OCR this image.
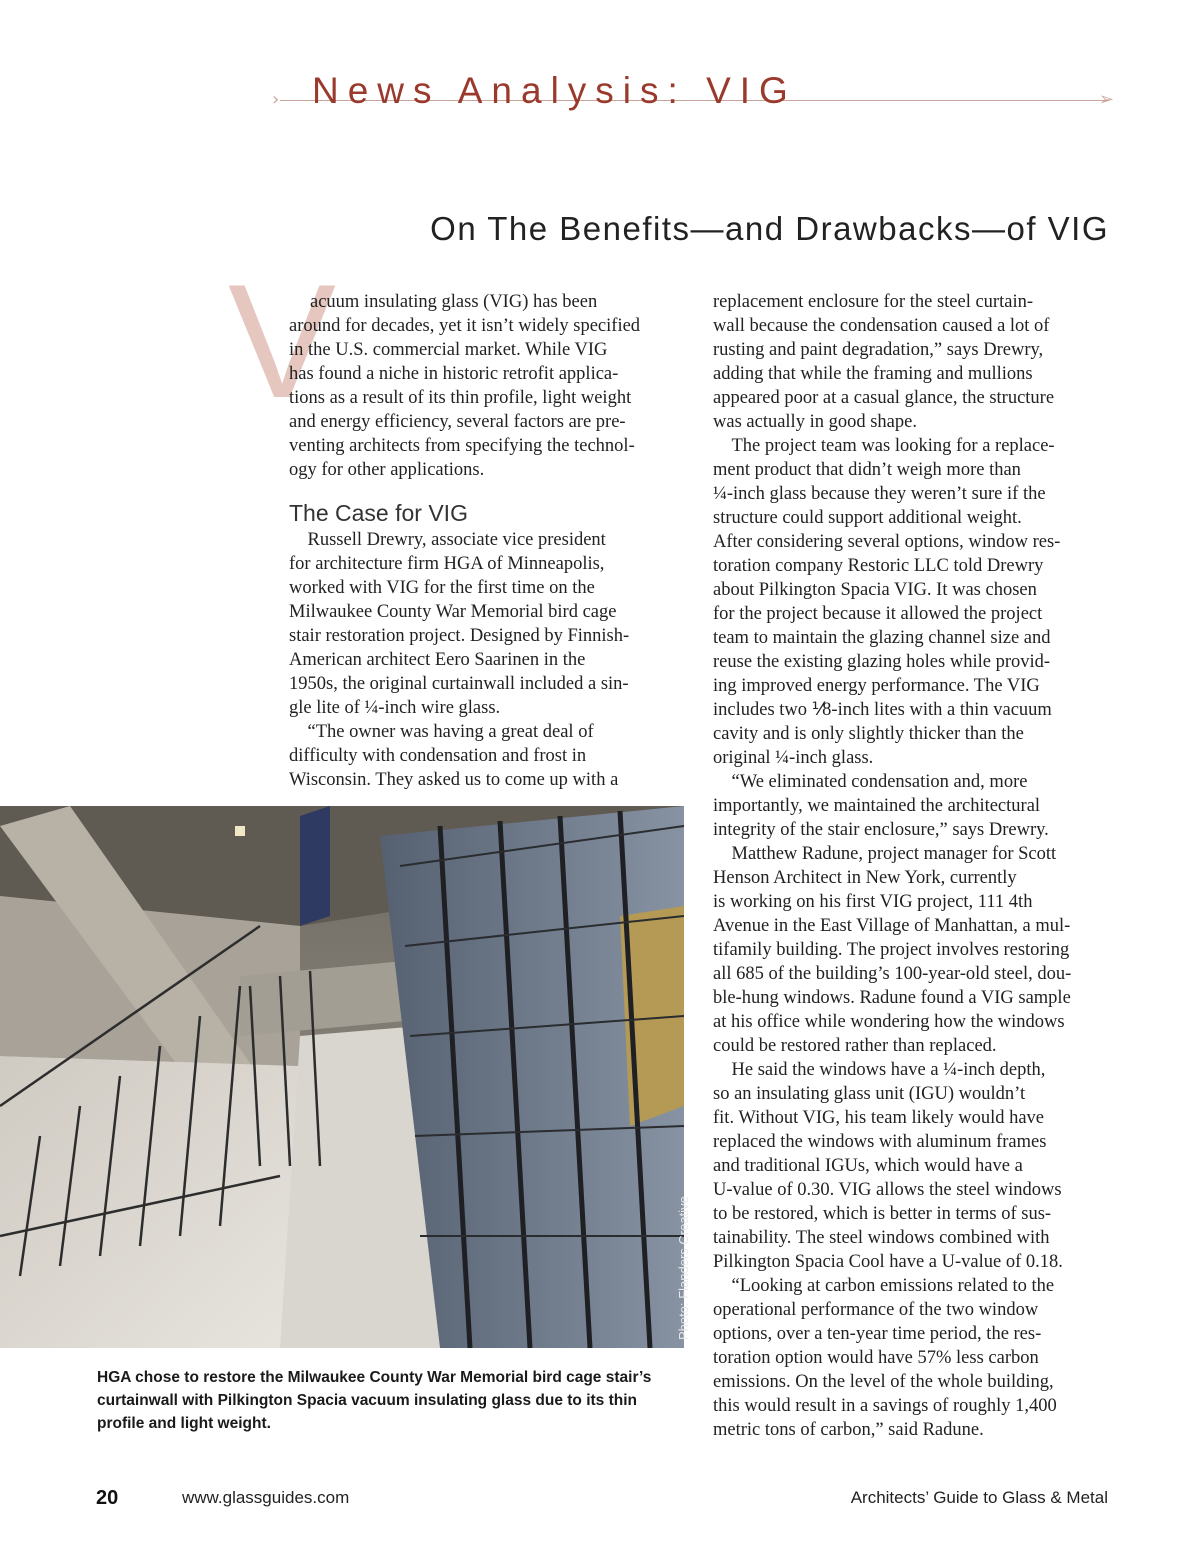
›	➢
News Analysis: VIG
On The Benefits—and Drawbacks—of VIG
V

acuum insulating glass (VIG) has been

around for decades, yet it isn’t widely specified

in the U.S. commercial market. While VIG

has found a niche in historic retrofit applica-

tions as a result of its thin profile, light weight

and energy efficiency, several factors are pre-

venting architects from specifying the technol-

ogy for other applications.

The Case for VIG

 Russell Drewry, associate vice president

for architecture firm HGA of Minneapolis,

worked with VIG for the first time on the

Milwaukee County War Memorial bird cage

stair restoration project. Designed by Finnish-

American architect Eero Saarinen in the

1950s, the original curtainwall included a sin-

gle lite of ¼-inch wire glass.

 “The owner was having a great deal of

difficulty with condensation and frost in

Wisconsin. They asked us to come up with a

replacement enclosure for the steel curtain-

wall because the condensation caused a lot of

rusting and paint degradation,” says Drewry,

adding that while the framing and mullions

appeared poor at a casual glance, the structure

was actually in good shape.

 The project team was looking for a replace-

ment product that didn’t weigh more than

¼-inch glass because they weren’t sure if the

structure could support additional weight.

After considering several options, window res-

toration company Restoric LLC told Drewry

about Pilkington Spacia VIG. It was chosen

for the project because it allowed the project

team to maintain the glazing channel size and

reuse the existing glazing holes while provid-

ing improved energy performance. The VIG

includes two ⅟8-inch lites with a thin vacuum

cavity and is only slightly thicker than the

original ¼-inch glass.

 “We eliminated condensation and, more

importantly, we maintained the architectural

integrity of the stair enclosure,” says Drewry.

 Matthew Radune, project manager for Scott

Henson Architect in New York, currently

is working on his first VIG project, 111 4th

Avenue in the East Village of Manhattan, a mul-

tifamily building. The project involves restoring

all 685 of the building’s 100-year-old steel, dou-

ble-hung windows. Radune found a VIG sample

at his office while wondering how the windows

could be restored rather than replaced.

 He said the windows have a ¼-inch depth,

so an insulating glass unit (IGU) wouldn’t

fit. Without VIG, his team likely would have

replaced the windows with aluminum frames

and traditional IGUs, which would have a

U-value of 0.30. VIG allows the steel windows

to be restored, which is better in terms of sus-

tainability. The steel windows combined with

Pilkington Spacia Cool have a U-value of 0.18.

 “Looking at carbon emissions related to the

operational performance of the two window

options, over a ten-year time period, the res-

toration option would have 57% less carbon

emissions. On the level of the whole building,

this would result in a savings of roughly 1,400

metric tons of carbon,” said Radune.

Photo: Flanders Creative
HGA chose to restore the Milwaukee County War Memorial bird cage stair’s curtainwall with Pilkington Spacia vacuum insulating glass due to its thin profile and light weight.
20	www.glassguides.com	Architects’ Guide to Glass & Metal
